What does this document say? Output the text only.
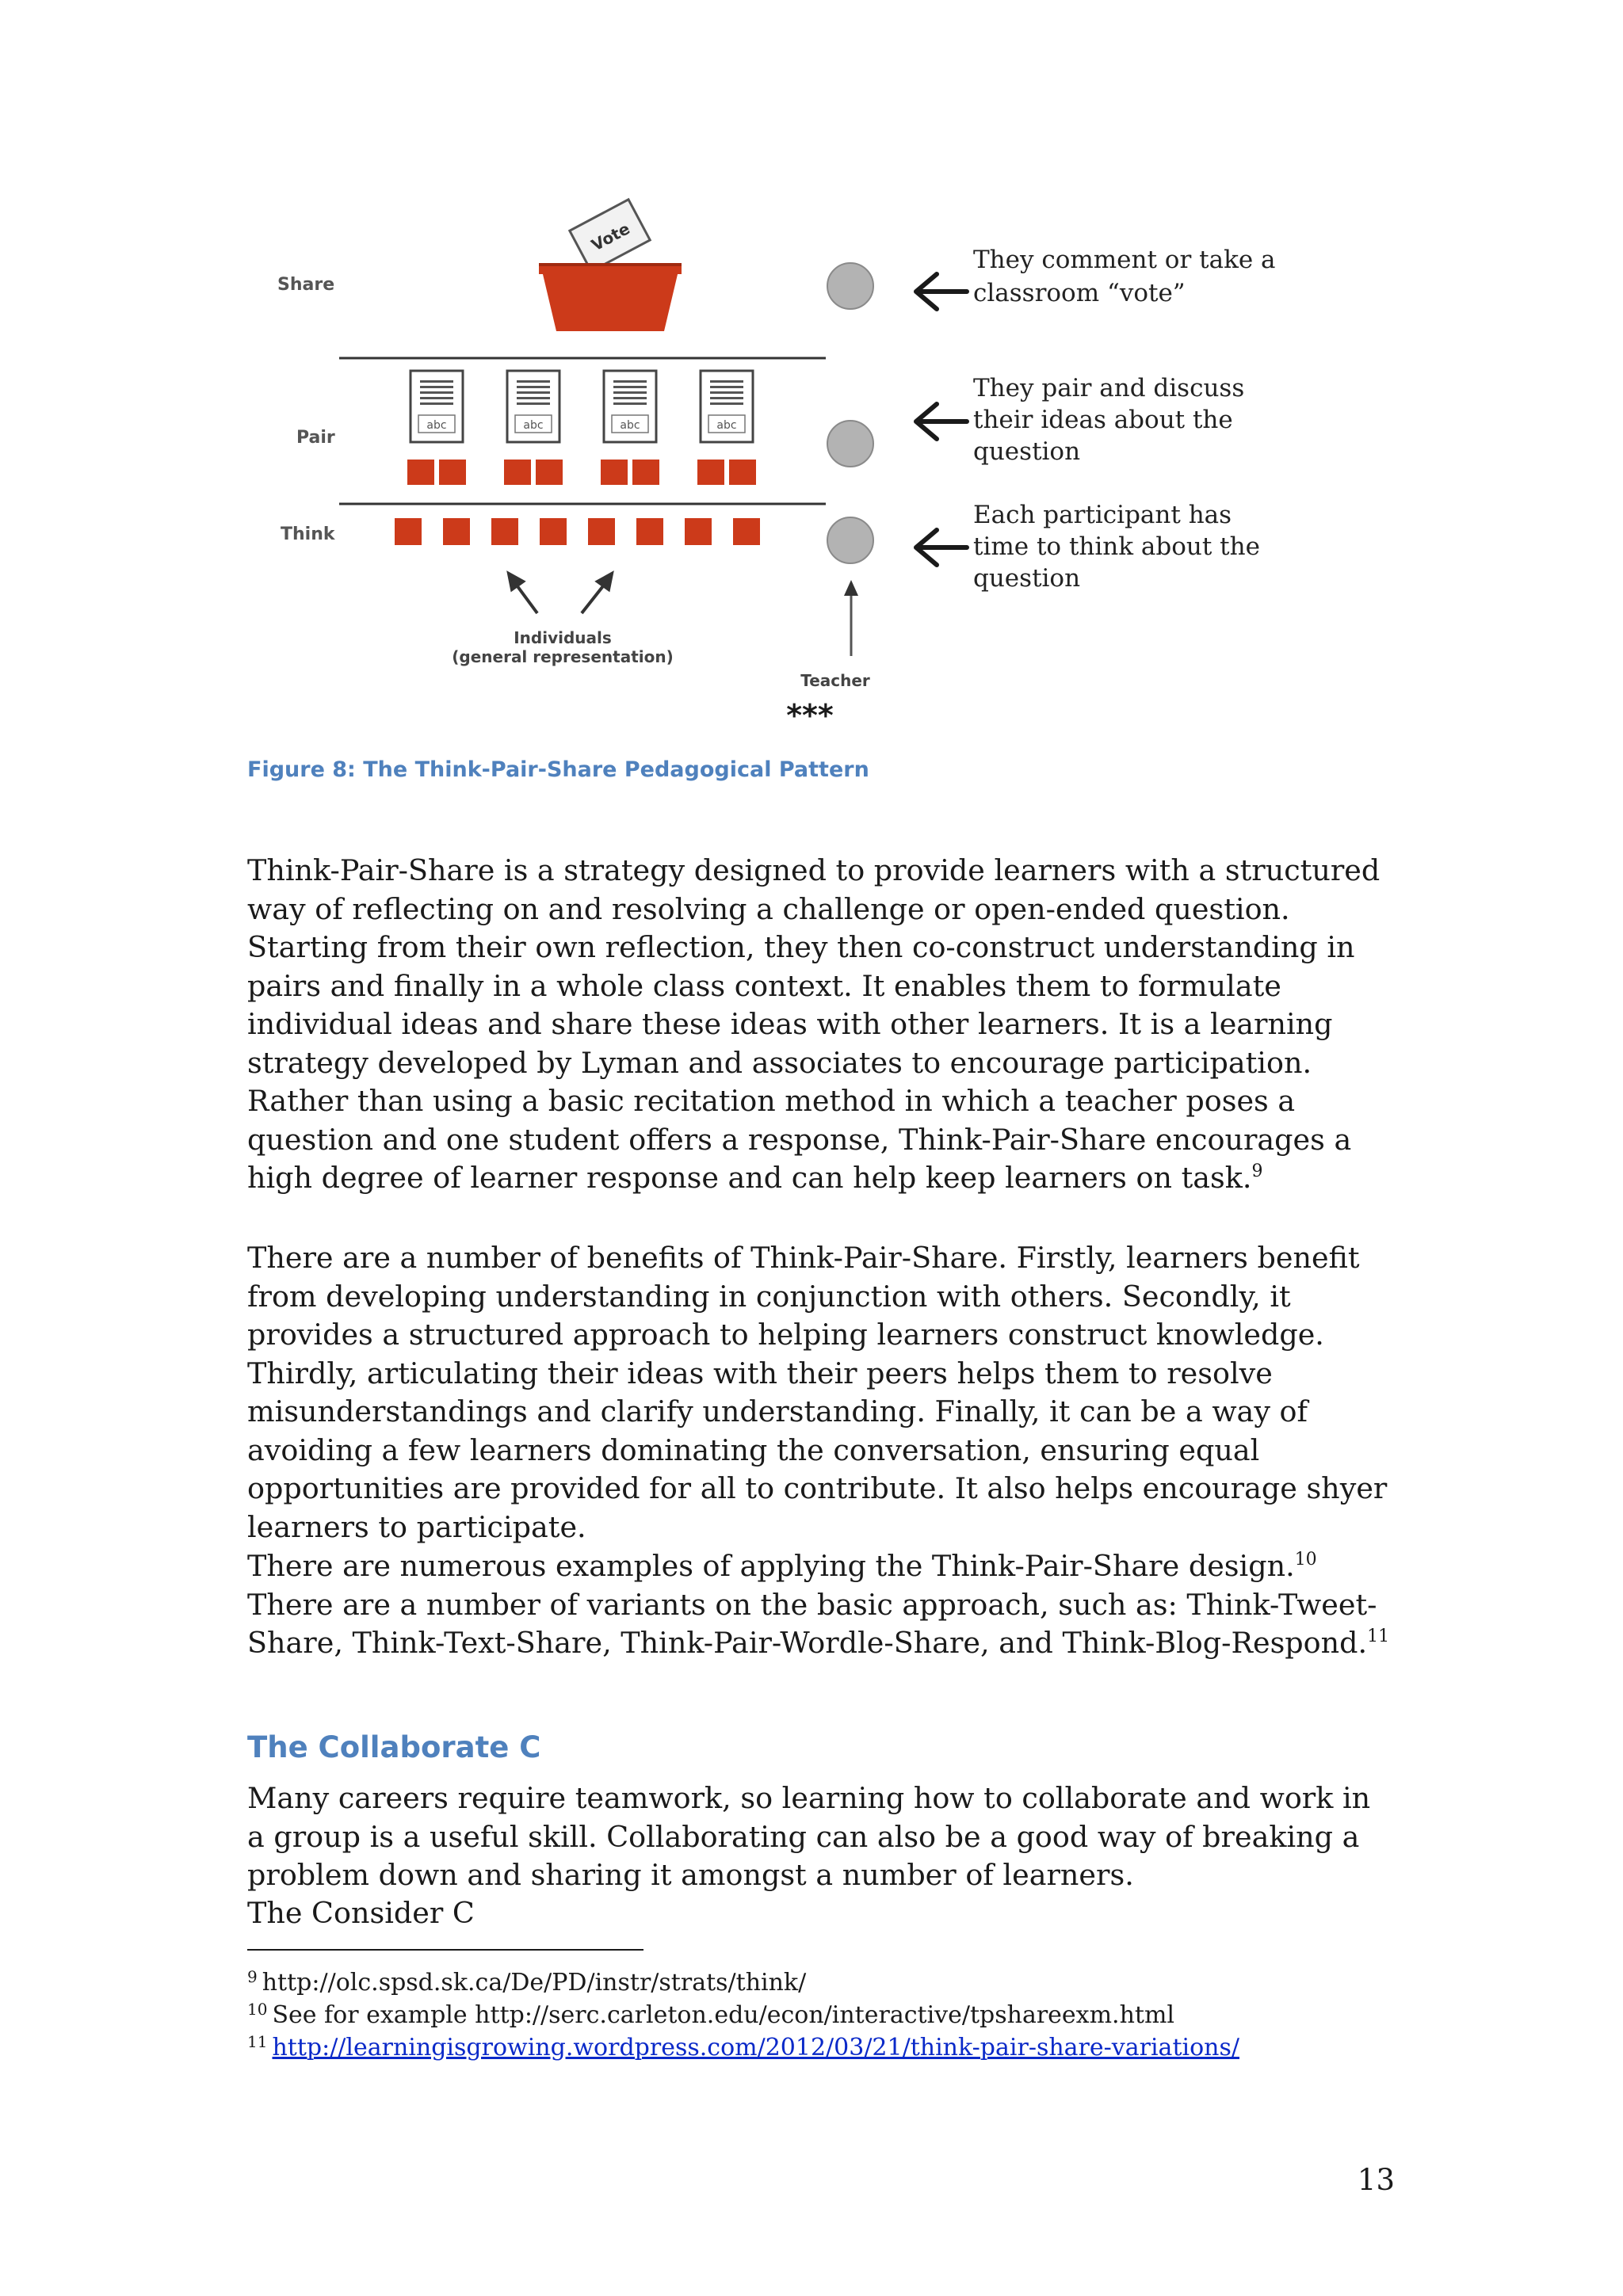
Share
Pair
Think
Vote
abc	abc	abc	abc
They comment or take a
classroom “vote”
They pair and discuss
their ideas about the
question
Each participant has
time to think about the
question
Individuals
(general representation)
Teacher
***
Figure 8: The Think-Pair-Share Pedagogical Pattern

Think-Pair-Share is a strategy designed to provide learners with a structured way of reflecting on and resolving a challenge or open-ended question. Starting from their own reflection, they then co-construct understanding in pairs and finally in a whole class context. It enables them to formulate individual ideas and share these ideas with other learners. It is a learning strategy developed by Lyman and associates to encourage participation. Rather than using a basic recitation method in which a teacher poses a question and one student offers a response, Think-Pair-Share encourages a high degree of learner response and can help keep learners on task.$^9$

There are a number of benefits of Think-Pair-Share. Firstly, learners benefit from developing understanding in conjunction with others. Secondly, it provides a structured approach to helping learners construct knowledge. Thirdly, articulating their ideas with their peers helps them to resolve misunderstandings and clarify understanding. Finally, it can be a way of avoiding a few learners dominating the conversation, ensuring equal opportunities are provided for all to contribute. It also helps encourage shyer learners to participate.

There are numerous examples of applying the Think-Pair-Share design.$^{10}$ There are a number of variants on the basic approach, such as: Think-Tweet-Share, Think-Text-Share, Think-Pair-Wordle-Share, and Think-Blog-Respond.$^{11}$

The Collaborate C

Many careers require teamwork, so learning how to collaborate and work in a group is a useful skill. Collaborating can also be a good way of breaking a problem down and sharing it amongst a number of learners.

The Consider C

$^9$ http://olc.spsd.sk.ca/De/PD/instr/strats/think/
$^{10}$ See for example http://serc.carleton.edu/econ/interactive/tpshareexm.html
$^{11}$ http://learningisgrowing.wordpress.com/2012/03/21/think-pair-share-variations/
13
